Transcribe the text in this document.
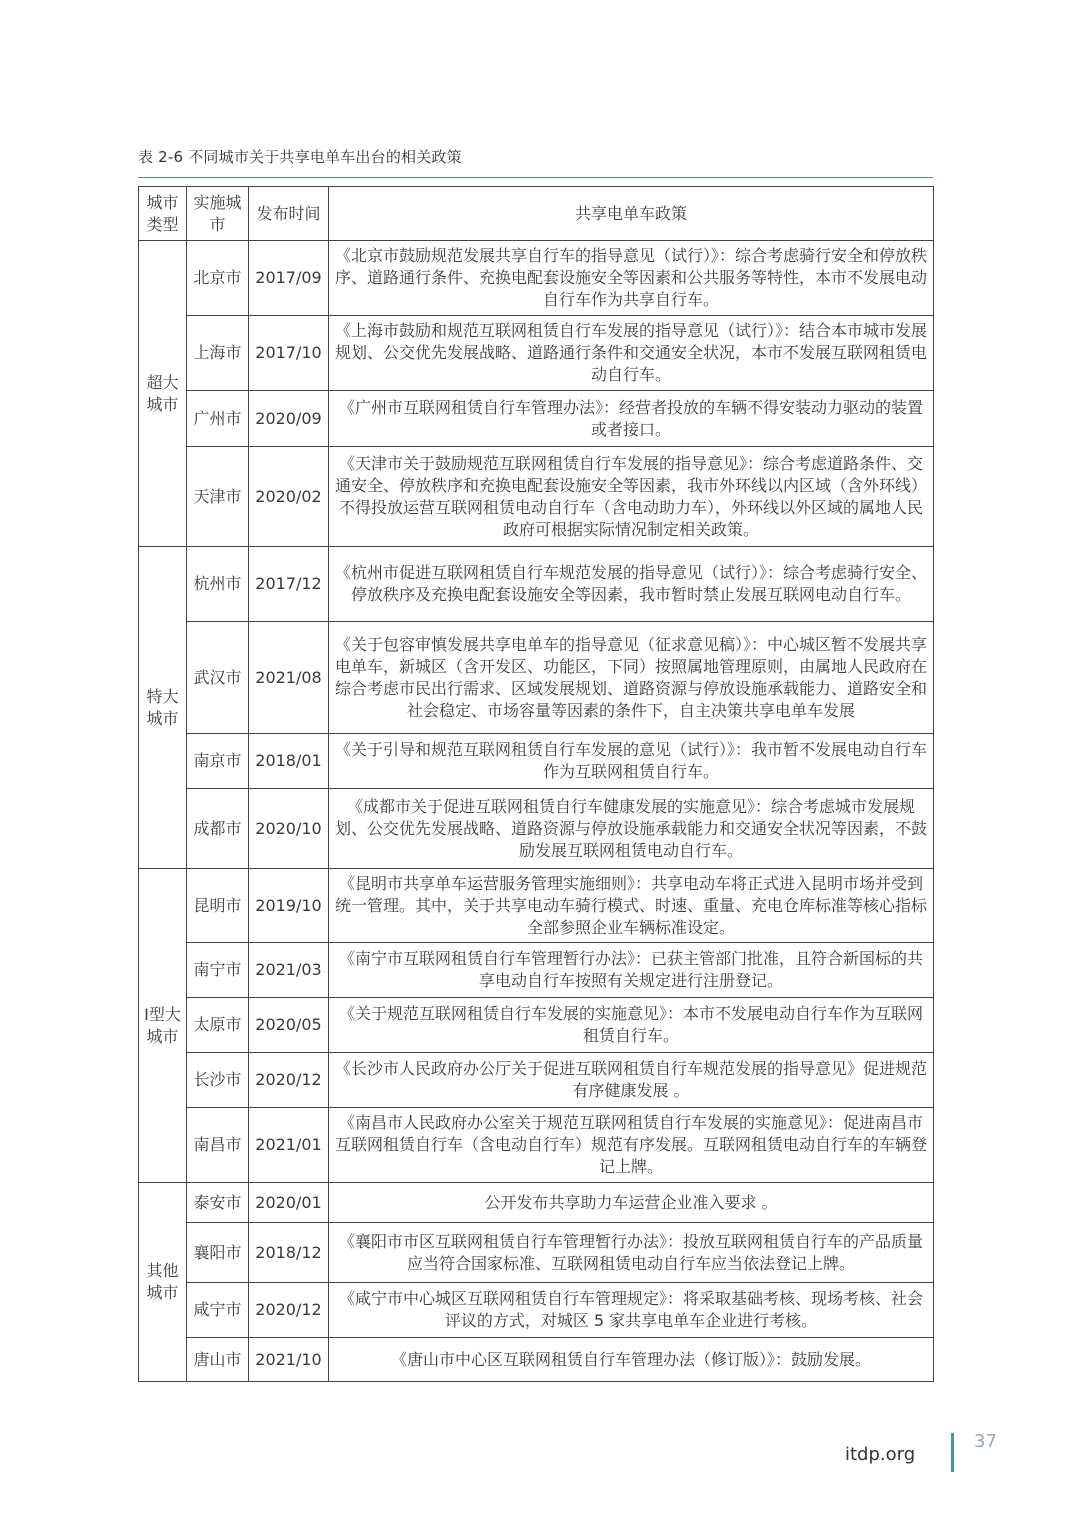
表 2-6 不同城市关于共享电单车出台的相关政策
城市类型	实施城市	发布时间	共享电单车政策
超大城市	北京市	2017/09	《北京市鼓励规范发展共享自行车的指导意见（试行）》：综合考虑骑行安全和停放秩序、道路通行条件、充换电配套设施安全等因素和公共服务等特性，本市不发展电动自行车作为共享自行车。
	上海市	2017/10	《上海市鼓励和规范互联网租赁自行车发展的指导意见（试行）》：结合本市城市发展规划、公交优先发展战略、道路通行条件和交通安全状况，本市不发展互联网租赁电动自行车。
	广州市	2020/09	《广州市互联网租赁自行车管理办法》：经营者投放的车辆不得安装动力驱动的装置或者接口。
	天津市	2020/02	《天津市关于鼓励规范互联网租赁自行车发展的指导意见》：综合考虑道路条件、交通安全、停放秩序和充换电配套设施安全等因素，我市外环线以内区域（含外环线）不得投放运营互联网租赁电动自行车（含电动助力车），外环线以外区域的属地人民政府可根据实际情况制定相关政策。
特大城市	杭州市	2017/12	《杭州市促进互联网租赁自行车规范发展的指导意见（试行）》：综合考虑骑行安全、停放秩序及充换电配套设施安全等因素，我市暂时禁止发展互联网电动自行车。
	武汉市	2021/08	《关于包容审慎发展共享电单车的指导意见（征求意见稿）》：中心城区暂不发展共享电单车，新城区（含开发区、功能区，下同）按照属地管理原则，由属地人民政府在综合考虑市民出行需求、区域发展规划、道路资源与停放设施承载能力、道路安全和社会稳定、市场容量等因素的条件下，自主决策共享电单车发展
	南京市	2018/01	《关于引导和规范互联网租赁自行车发展的意见（试行）》：我市暂不发展电动自行车作为互联网租赁自行车。
	成都市	2020/10	《成都市关于促进互联网租赁自行车健康发展的实施意见》：综合考虑城市发展规划、公交优先发展战略、道路资源与停放设施承载能力和交通安全状况等因素，不鼓励发展互联网租赁电动自行车。
I型大城市	昆明市	2019/10	《昆明市共享单车运营服务管理实施细则》：共享电动车将正式进入昆明市场并受到统一管理。其中，关于共享电动车骑行模式、时速、重量、充电仓库标准等核心指标全部参照企业车辆标准设定。
	南宁市	2021/03	《南宁市互联网租赁自行车管理暂行办法》：已获主管部门批准，且符合新国标的共享电动自行车按照有关规定进行注册登记。
	太原市	2020/05	《关于规范互联网租赁自行车发展的实施意见》：本市不发展电动自行车作为互联网租赁自行车。
	长沙市	2020/12	《长沙市人民政府办公厅关于促进互联网租赁自行车规范发展的指导意见》促进规范有序健康发展 。
	南昌市	2021/01	《南昌市人民政府办公室关于规范互联网租赁自行车发展的实施意见》：促进南昌市互联网租赁自行车（含电动自行车）规范有序发展。互联网租赁电动自行车的车辆登记上牌。
其他城市	泰安市	2020/01	公开发布共享助力车运营企业准入要求 。
	襄阳市	2018/12	《襄阳市市区互联网租赁自行车管理暂行办法》：投放互联网租赁自行车的产品质量应当符合国家标准、互联网租赁电动自行车应当依法登记上牌。
	咸宁市	2020/12	《咸宁市中心城区互联网租赁自行车管理规定》：将采取基础考核、现场考核、社会评议的方式，对城区 5 家共享电单车企业进行考核。
	唐山市	2021/10	《唐山市中心区互联网租赁自行车管理办法（修订版）》：鼓励发展。
37
itdp.org
